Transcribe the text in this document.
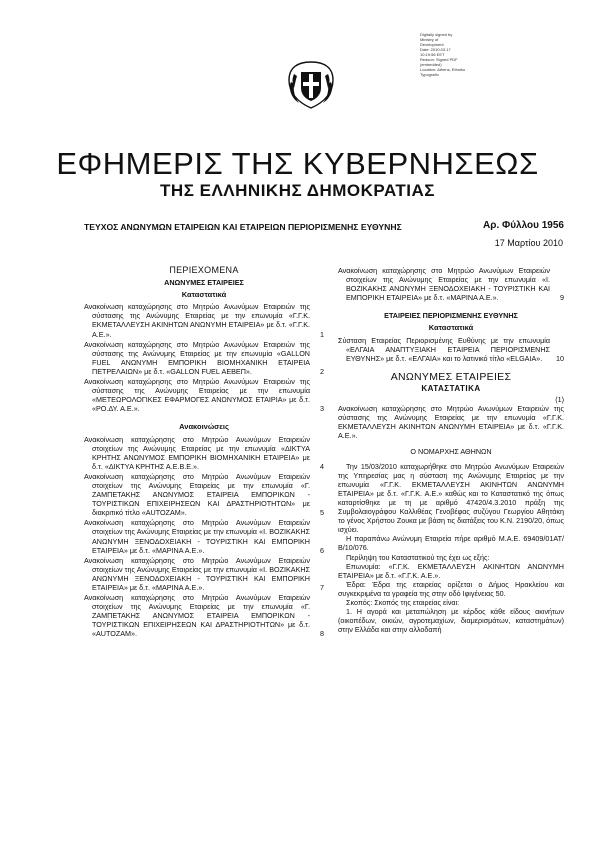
Digitally signed by
Ministry of
Development
Date: 2010.03.17
10:19:56 EET
Reason: Signed PDF
(embedded)
Location: Athens, Ethniko
Typografio
ΕΦΗΜΕΡΙΣ ΤΗΣ ΚΥΒΕΡΝΗΣΕΩΣ
ΤΗΣ ΕΛΛΗΝΙΚΗΣ ΔΗΜΟΚΡΑΤΙΑΣ
ΤΕΥΧΟΣ ΑΝΩΝΥΜΩΝ ΕΤΑΙΡΕΙΩΝ ΚΑΙ ΕΤΑΙΡΕΙΩΝ ΠΕΡΙΟΡΙΣΜΕΝΗΣ ΕΥΘΥΝΗΣ	Αρ. Φύλλου 1956
17 Μαρτίου 2010
ΠΕΡΙΕΧΟΜΕΝΑ
ΑΝΩΝΥΜΕΣ ΕΤΑΙΡΕΙΕΣ
Καταστατικά
Ανακοίνωση καταχώρησης στο Μητρώο Ανωνύμων Εταιρειών της σύστασης της Ανώνυμης Εταιρείας με την επωνυμία «Γ.Γ.Κ. ΕΚΜΕΤΑΛΛΕΥΣΗ ΑΚΙΝΗΤΩΝ ΑΝΩΝΥΜΗ ΕΤΑΙΡΕΙΑ» με δ.τ. «Γ.Γ.Κ. Α.Ε.».	1
Ανακοίνωση καταχώρησης στο Μητρώο Ανωνύμων Εταιρειών της σύστασης της Ανώνυμης Εταιρείας με την επωνυμία «GALLON FUEL ΑΝΩΝΥΜΗ ΕΜΠΟΡΙΚΗ ΒΙΟΜΗΧΑΝΙΚΗ ΕΤΑΙΡΕΙΑ ΠΕΤΡΕΛΑΙΩΝ» με δ.τ. «GALLON FUEL ΑΕΒΕΠ».	2
Ανακοίνωση καταχώρησης στο Μητρώο Ανωνύμων Εταιρειών της σύστασης της Ανώνυμης Εταιρείας με την επωνυμία «ΜΕΤΕΩΡΟΛΟΓΙΚΕΣ ΕΦΑΡΜΟΓΕΣ ΑΝΩΝΥΜΟΣ ΕΤΑΙΡΙΑ» με δ.τ. «ΡΟ.ΔΥ. Α.Ε.».	3
Ανακοινώσεις
Ανακοίνωση καταχώρησης στο Μητρώο Ανωνύμων Εταιρειών στοιχείων της Ανώνυμης Εταιρείας με την επωνυμία «ΔΙΚΤΥΑ ΚΡΗΤΗΣ ΑΝΩΝΥΜΟΣ ΕΜΠΟΡΙΚΗ ΒΙΟΜΗΧΑΝΙΚΗ ΕΤΑΙΡΕΙΑ» με δ.τ. «ΔΙΚΤΥΑ ΚΡΗΤΗΣ Α.Ε.Β.Ε.».	4
Ανακοίνωση καταχώρησης στο Μητρώο Ανωνύμων Εταιρειών στοιχείων της Ανώνυμης Εταιρείας με την επωνυμία «Γ. ΖΑΜΠΕΤΑΚΗΣ ΑΝΩΝΥΜΟΣ ΕΤΑΙΡΕΙΑ ΕΜΠΟΡΙΚΩΝ - ΤΟΥΡΙΣΤΙΚΩΝ ΕΠΙΧΕΙΡΗΣΕΩΝ ΚΑΙ ΔΡΑΣΤΗΡΙΟΤΗΤΩΝ» με διακριτικό τίτλο «AUTOZAM».	5
Ανακοίνωση καταχώρησης στο Μητρώο Ανωνύμων Εταιρειών στοιχείων της Ανώνυμης Εταιρείας με την επωνυμία «Ι. ΒΟΖΙΚΑΚΗΣ ΑΝΩΝΥΜΗ ΞΕΝΟΔΟΧΕΙΑΚΗ - ΤΟΥΡΙΣΤΙΚΗ ΚΑΙ ΕΜΠΟΡΙΚΗ ΕΤΑΙΡΕΙΑ» με δ.τ. «ΜΑΡΙΝΑ Α.Ε.».	6
Ανακοίνωση καταχώρησης στο Μητρώο Ανωνύμων Εταιρειών στοιχείων της Ανώνυμης Εταιρείας με την επωνυμία «Ι. ΒΟΖΙΚΑΚΗΣ ΑΝΩΝΥΜΗ ΞΕΝΟΔΟΧΕΙΑΚΗ - ΤΟΥΡΙΣΤΙΚΗ ΚΑΙ ΕΜΠΟΡΙΚΗ ΕΤΑΙΡΕΙΑ» με δ.τ. «ΜΑΡΙΝΑ Α.Ε.».	7
Ανακοίνωση καταχώρησης στο Μητρώο Ανωνύμων Εταιρειών στοιχείων της Ανώνυμης Εταιρείας με την επωνυμία «Γ. ΖΑΜΠΕΤΑΚΗΣ ΑΝΩΝΥΜΟΣ ΕΤΑΙΡΕΙΑ ΕΜΠΟΡΙΚΩΝ - ΤΟΥΡΙΣΤΙΚΩΝ ΕΠΙΧΕΙΡΗΣΕΩΝ ΚΑΙ ΔΡΑΣΤΗΡΙΟΤΗΤΩΝ» με δ.τ. «AUTOZAM».	8
Ανακοίνωση καταχώρησης στο Μητρώο Ανωνύμων Εταιρειών στοιχείων της Ανώνυμης Εταιρείας με την επωνυμία «Ι. ΒΟΖΙΚΑΚΗΣ ΑΝΩΝΥΜΗ ΞΕΝΟΔΟΧΕΙΑΚΗ - ΤΟΥΡΙΣΤΙΚΗ ΚΑΙ ΕΜΠΟΡΙΚΗ ΕΤΑΙΡΕΙΑ» με δ.τ. «ΜΑΡΙΝΑ Α.Ε.».	9
ΕΤΑΙΡΕΙΕΣ ΠΕΡΙΟΡΙΣΜΕΝΗΣ ΕΥΘΥΝΗΣ
Καταστατικά
Σύσταση Εταιρείας Περιορισμένης Ευθύνης με την επωνυμία «ΕΛΓΑΙΑ ΑΝΑΠΤΥΞΙΑΚΗ ΕΤΑΙΡΕΙΑ ΠΕΡΙΟΡΙΣΜΕΝΗΣ ΕΥΘΥΝΗΣ» με δ.τ. «ΕΛΓΑΙΑ» και το λατινικό τίτλο «ELGAIA».	10
ΑΝΩΝΥΜΕΣ ΕΤΑΙΡΕΙΕΣ
ΚΑΤΑΣΤΑΤΙΚΑ
(1)

Ανακοίνωση καταχώρησης στο Μητρώο Ανωνύμων Εταιρειών της σύστασης της Ανώνυμης Εταιρείας με την επωνυμία «Γ.Γ.Κ. ΕΚΜΕΤΑΛΛΕΥΣΗ ΑΚΙΝΗΤΩΝ ΑΝΩΝΥΜΗ ΕΤΑΙΡΕΙΑ» με δ.τ. «Γ.Γ.Κ. Α.Ε.».

Ο ΝΟΜΑΡΧΗΣ ΑΘΗΝΩΝ

Την 15/03/2010 καταχωρήθηκε στο Μητρώο Ανωνύμων Εταιρειών της Υπηρεσίας μας η σύσταση της Ανώνυμης Εταιρείας με την επωνυμία «Γ.Γ.Κ. ΕΚΜΕΤΑΛΛΕΥΣΗ ΑΚΙΝΗΤΩΝ ΑΝΩΝΥΜΗ ΕΤΑΙΡΕΙΑ» με δ.τ. «Γ.Γ.Κ. Α.Ε.» καθώς και το Καταστατικό της όπως καταρτίσθηκε με τη με αριθμό 47420/4.3.2010 πράξη της Συμβολαιογράφου Καλλιθέας Γενοβέφας συζύγου Γεωργίου Αθητάκη το γένος Χρήστου Ζουκα με βάση τις διατάξεις του Κ.Ν. 2190/20, όπως ισχύει.

Η παραπάνω Ανώνυμη Εταιρεία πήρε αριθμό Μ.Α.Ε. 69409/01ΑΤ/Β/10/076.

Περίληψη του Καταστατικού της έχει ως εξής:

Επωνυμία: «Γ.Γ.Κ. ΕΚΜΕΤΑΛΛΕΥΣΗ ΑΚΙΝΗΤΩΝ ΑΝΩΝΥΜΗ ΕΤΑΙΡΕΙΑ» με δ.τ. «Γ.Γ.Κ. Α.Ε.».

Έδρα: Έδρα της εταιρείας ορίζεται ο Δήμος Ηρακλείου και συγκεκριμένα τα γραφεία της στην οδό Ιφιγένειας 50.

Σκοπός: Σκοπός της εταιρείας είναι:

1. Η αγορά και μεταπώληση με κέρδος κάθε είδους ακινήτων (οικοπέδων, οικιών, αγροτεμαχίων, διαμερισμάτων, καταστημάτων) στην Ελλάδα και στην αλλοδαπή
